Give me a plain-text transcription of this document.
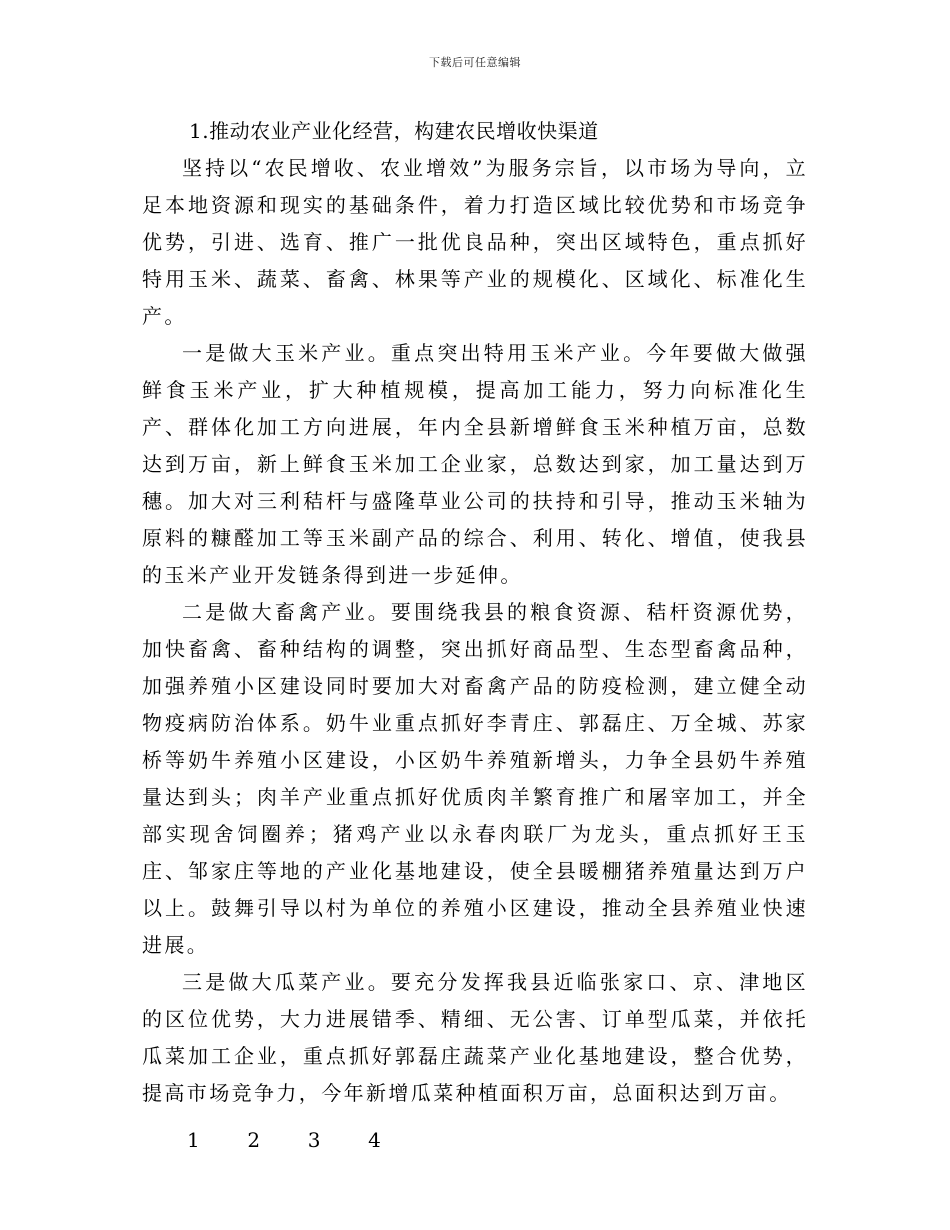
下载后可任意编辑

1.推动农业产业化经营，构建农民增收快渠道

坚持以“农民增收、农业增效”为服务宗旨，以市场为导向，立足本地资源和现实的基础条件，着力打造区域比较优势和市场竞争优势，引进、选育、推广一批优良品种，突出区域特色，重点抓好特用玉米、蔬菜、畜禽、林果等产业的规模化、区域化、标准化生产。

一是做大玉米产业。重点突出特用玉米产业。今年要做大做强鲜食玉米产业，扩大种植规模，提高加工能力，努力向标准化生产、群体化加工方向进展，年内全县新增鲜食玉米种植万亩，总数达到万亩，新上鲜食玉米加工企业家，总数达到家，加工量达到万穗。加大对三利秸杆与盛隆草业公司的扶持和引导，推动玉米轴为原料的糠醛加工等玉米副产品的综合、利用、转化、增值，使我县的玉米产业开发链条得到进一步延伸。

二是做大畜禽产业。要围绕我县的粮食资源、秸杆资源优势，加快畜禽、畜种结构的调整，突出抓好商品型、生态型畜禽品种，加强养殖小区建设同时要加大对畜禽产品的防疫检测，建立健全动物疫病防治体系。奶牛业重点抓好李青庄、郭磊庄、万全城、苏家桥等奶牛养殖小区建设，小区奶牛养殖新增头，力争全县奶牛养殖量达到头；肉羊产业重点抓好优质肉羊繁育推广和屠宰加工，并全部实现舍饲圈养；猪鸡产业以永春肉联厂为龙头，重点抓好王玉庄、邹家庄等地的产业化基地建设，使全县暖棚猪养殖量达到万户以上。鼓舞引导以村为单位的养殖小区建设，推动全县养殖业快速进展。

三是做大瓜菜产业。要充分发挥我县近临张家口、京、津地区的区位优势，大力进展错季、精细、无公害、订单型瓜菜，并依托瓜菜加工企业，重点抓好郭磊庄蔬菜产业化基地建设，整合优势，提高市场竞争力，今年新增瓜菜种植面积万亩，总面积达到万亩。

1 2 3 4
